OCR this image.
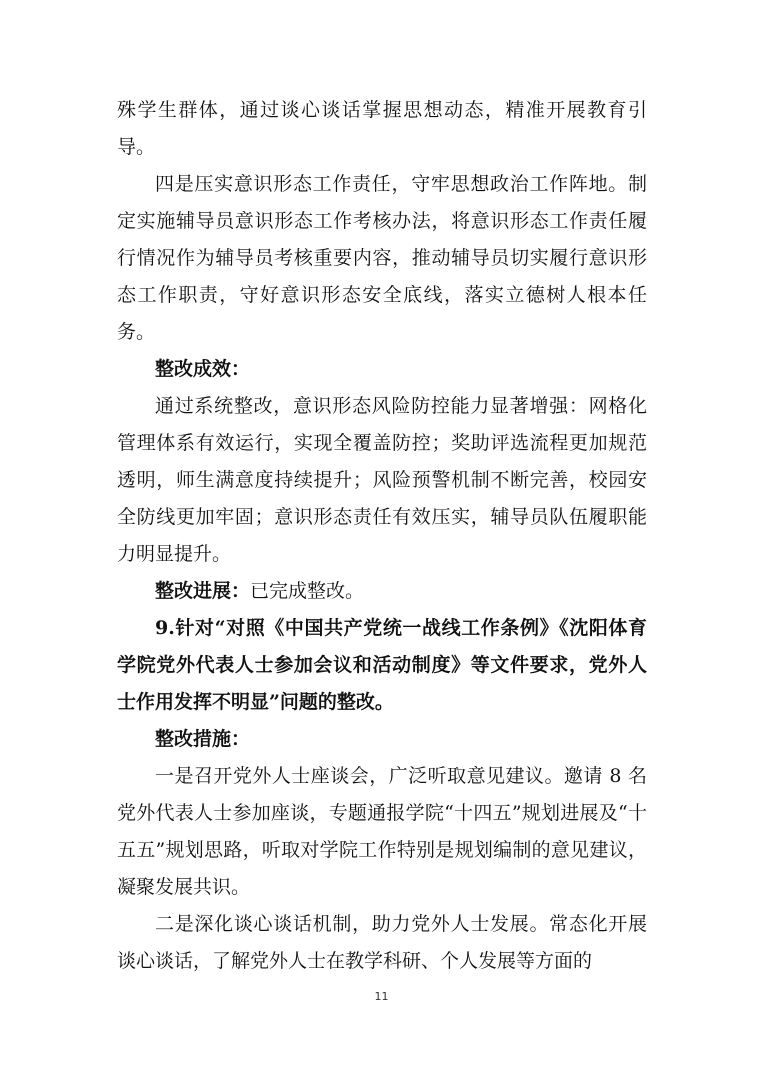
殊学生群体，通过谈心谈话掌握思想动态，精准开展教育引导。

四是压实意识形态工作责任，守牢思想政治工作阵地。制定实施辅导员意识形态工作考核办法，将意识形态工作责任履行情况作为辅导员考核重要内容，推动辅导员切实履行意识形态工作职责，守好意识形态安全底线，落实立德树人根本任务。

整改成效：

通过系统整改，意识形态风险防控能力显著增强：网格化管理体系有效运行，实现全覆盖防控；奖助评选流程更加规范透明，师生满意度持续提升；风险预警机制不断完善，校园安全防线更加牢固；意识形态责任有效压实，辅导员队伍履职能力明显提升。

整改进展：已完成整改。

9.针对“对照《中国共产党统一战线工作条例》《沈阳体育学院党外代表人士参加会议和活动制度》等文件要求，党外人士作用发挥不明显”问题的整改。

整改措施：

一是召开党外人士座谈会，广泛听取意见建议。邀请 8 名党外代表人士参加座谈，专题通报学院“十四五”规划进展及“十五五”规划思路，听取对学院工作特别是规划编制的意见建议，凝聚发展共识。

二是深化谈心谈话机制，助力党外人士发展。常态化开展谈心谈话，了解党外人士在教学科研、个人发展等方面的

11
